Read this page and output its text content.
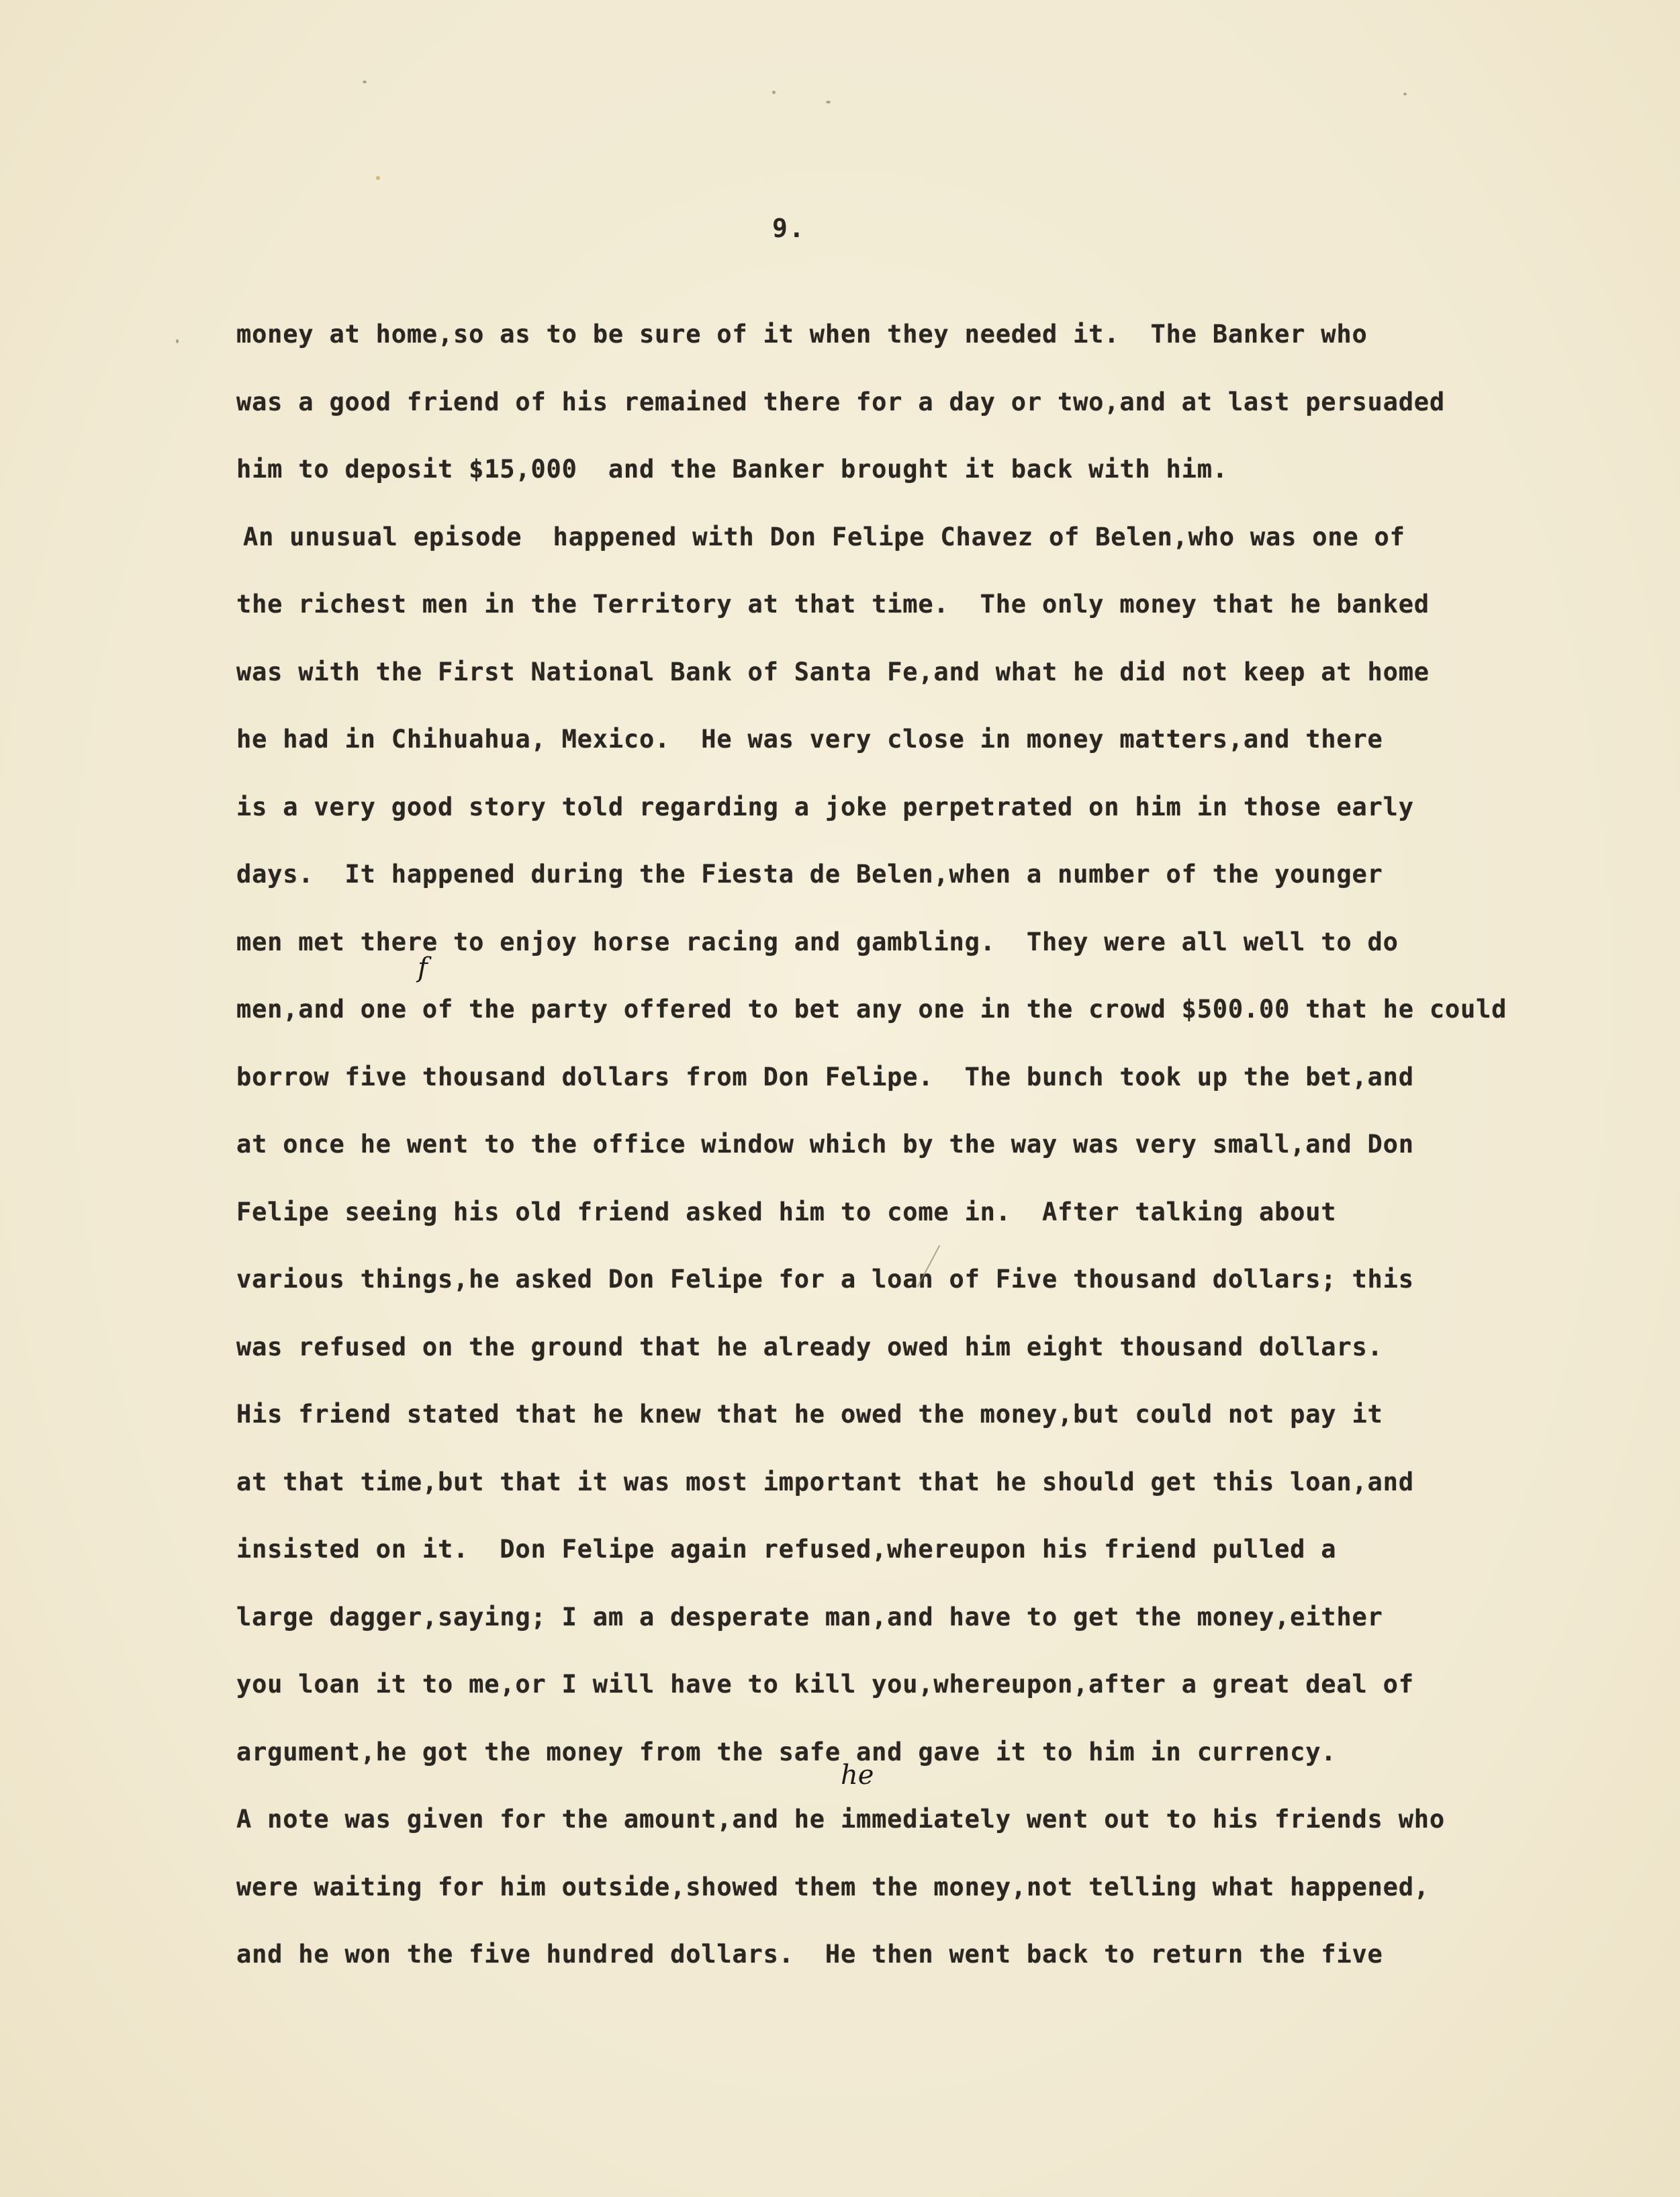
9.
money at home,so as to be sure of it when they needed it.  The Banker who
was a good friend of his remained there for a day or two,and at last persuaded
him to deposit $15,000  and the Banker brought it back with him.
An unusual episode  happened with Don Felipe Chavez of Belen,who was one of
the richest men in the Territory at that time.  The only money that he banked
was with the First National Bank of Santa Fe,and what he did not keep at home
he had in Chihuahua, Mexico.  He was very close in money matters,and there
is a very good story told regarding a joke perpetrated on him in those early
days.  It happened during the Fiesta de Belen,when a number of the younger
men met there to enjoy horse racing and gambling.  They were all well to do
men,and one of the party offered to bet any one in the crowd $500.00 that he could
borrow five thousand dollars from Don Felipe.  The bunch took up the bet,and
at once he went to the office window which by the way was very small,and Don
Felipe seeing his old friend asked him to come in.  After talking about
various things,he asked Don Felipe for a loan of Five thousand dollars; this
was refused on the ground that he already owed him eight thousand dollars.
His friend stated that he knew that he owed the money,but could not pay it
at that time,but that it was most important that he should get this loan,and
insisted on it.  Don Felipe again refused,whereupon his friend pulled a
large dagger,saying; I am a desperate man,and have to get the money,either
you loan it to me,or I will have to kill you,whereupon,after a great deal of
argument,he got the money from the safe and gave it to him in currency.
A note was given for the amount,and he immediately went out to his friends who
were waiting for him outside,showed them the money,not telling what happened,
and he won the five hundred dollars.  He then went back to return the five
f
he
